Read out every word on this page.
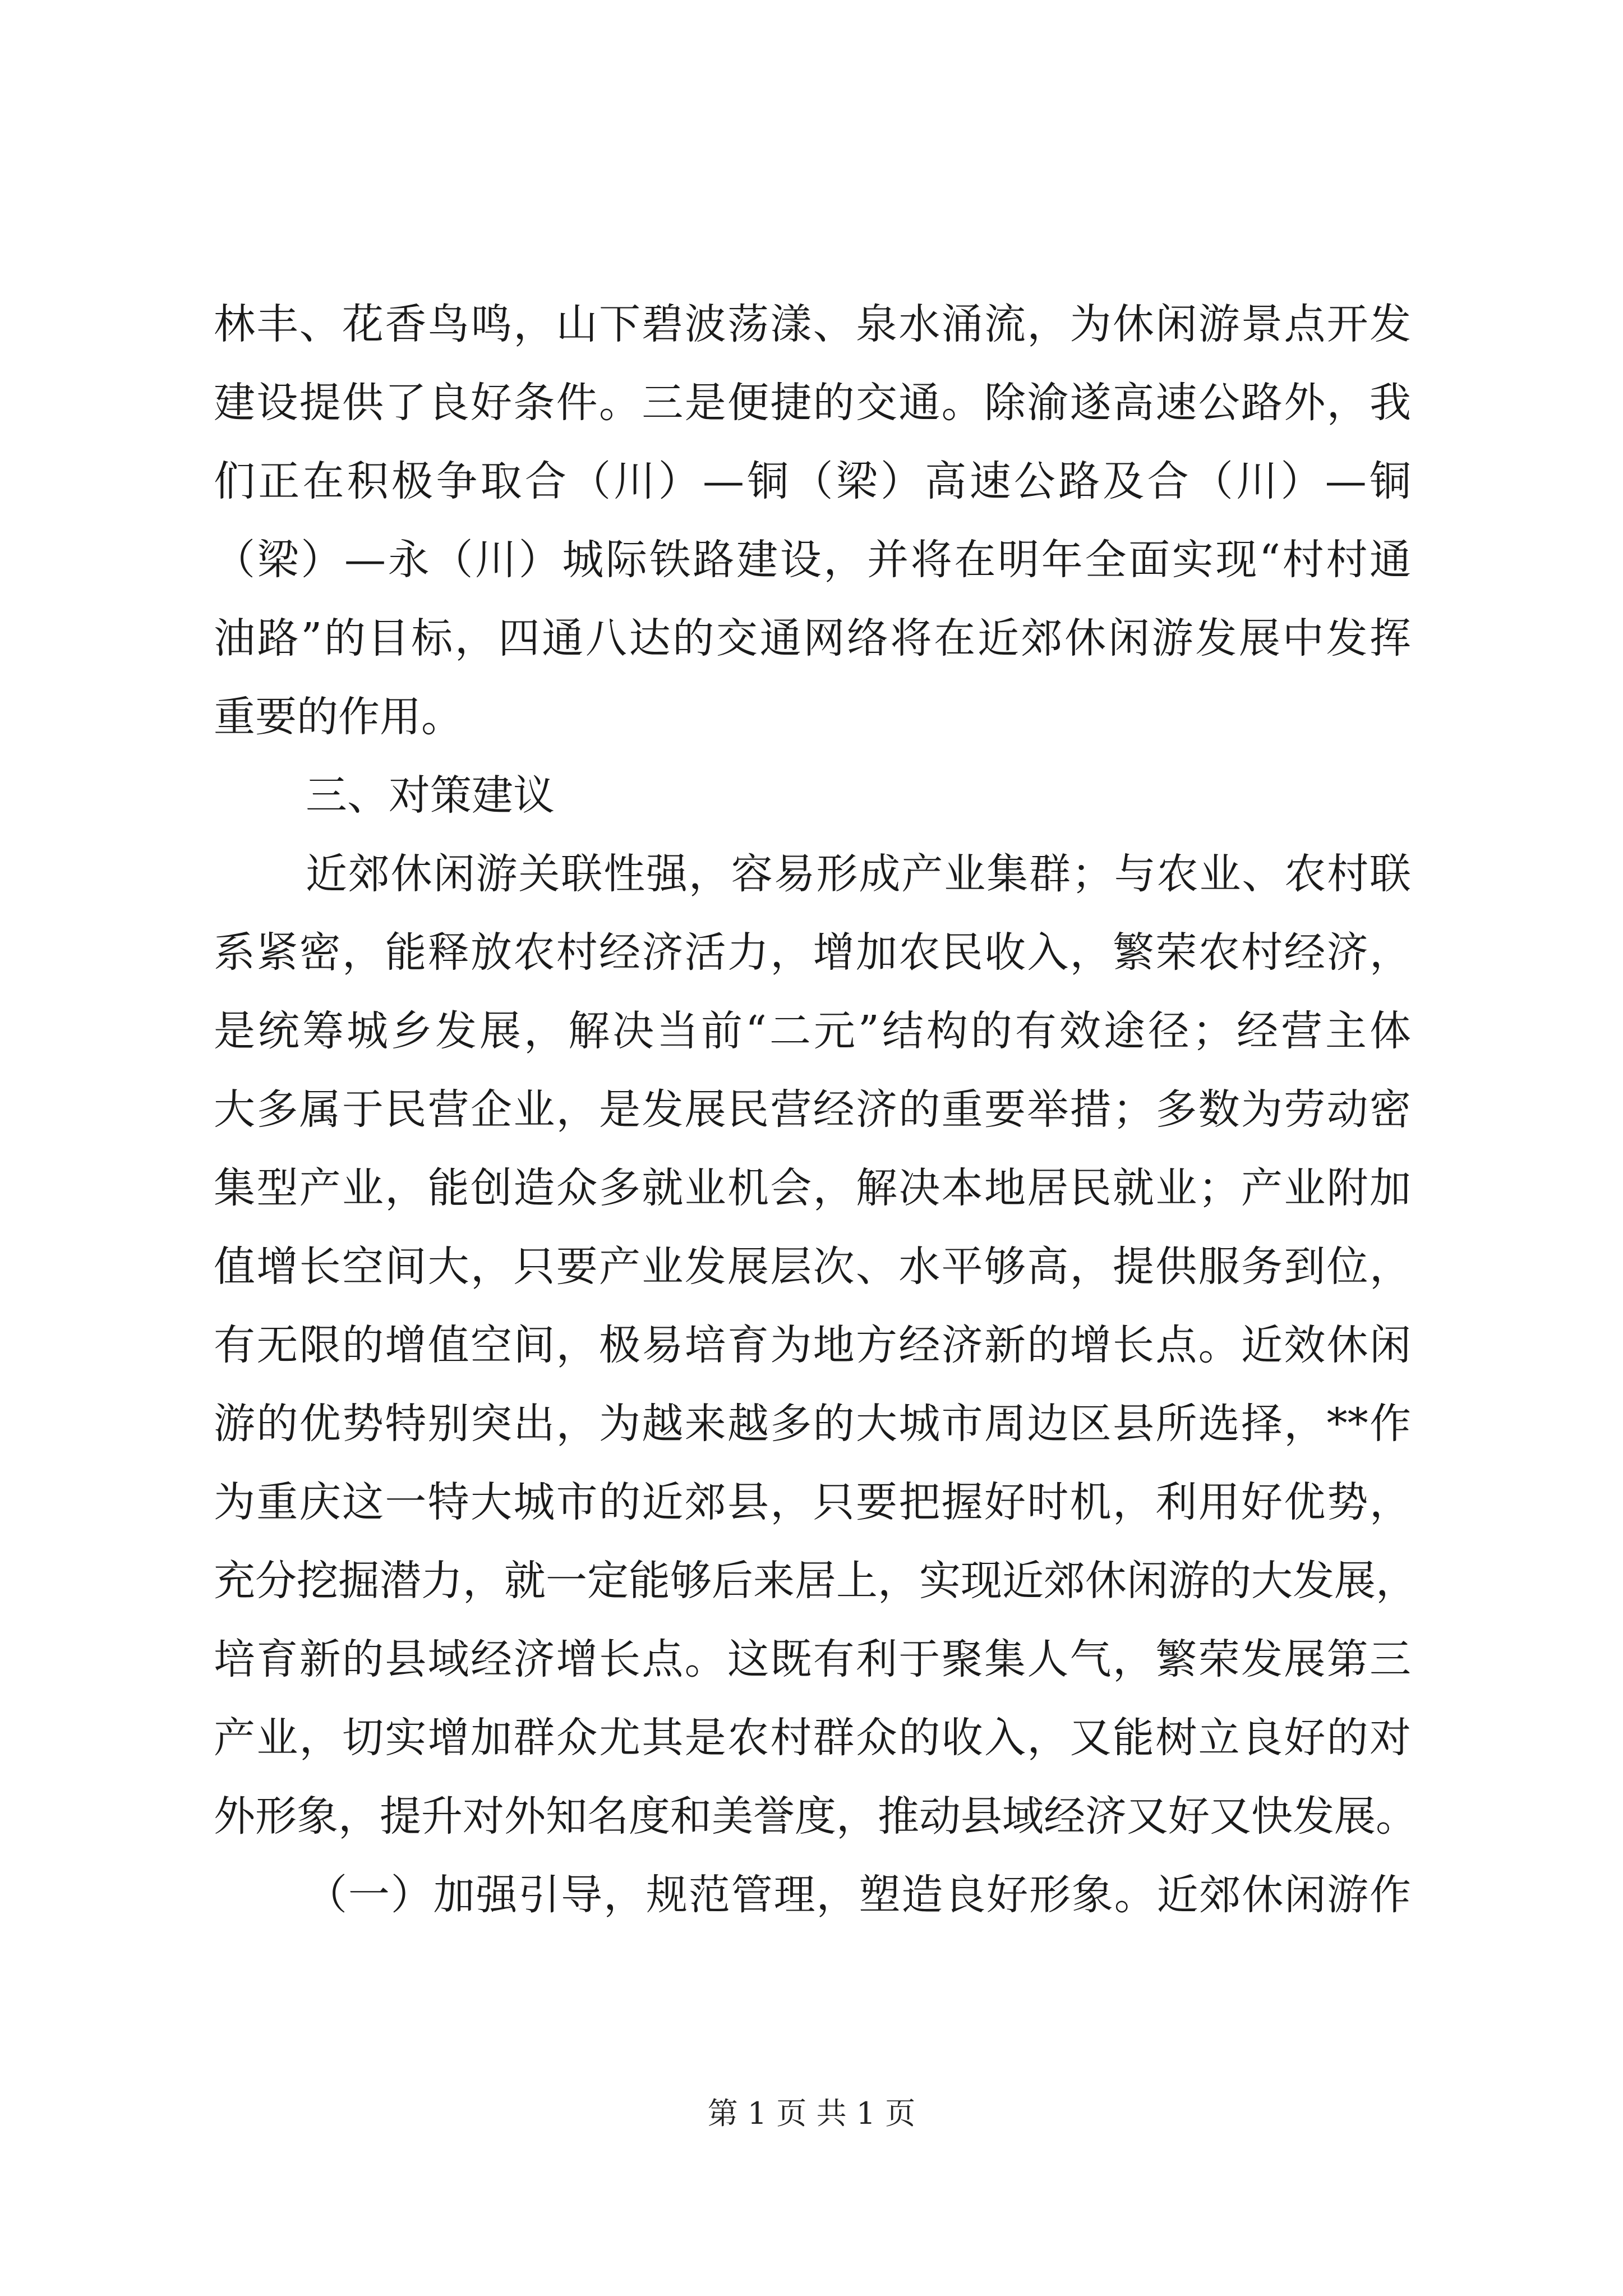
林丰、花香鸟鸣，山下碧波荡漾、泉水涌流，为休闲游景点开发
建设提供了良好条件。三是便捷的交通。除渝遂高速公路外，我
们正在积极争取合（川）—铜（梁）高速公路及合（川）—铜
（梁）—永（川）城际铁路建设，并将在明年全面实现“村村通
油路”的目标，四通八达的交通网络将在近郊休闲游发展中发挥
重要的作用。
三、对策建议
近郊休闲游关联性强，容易形成产业集群；与农业、农村联
系紧密，能释放农村经济活力，增加农民收入，繁荣农村经济，
是统筹城乡发展，解决当前“二元”结构的有效途径；经营主体
大多属于民营企业，是发展民营经济的重要举措；多数为劳动密
集型产业，能创造众多就业机会，解决本地居民就业；产业附加
值增长空间大，只要产业发展层次、水平够高，提供服务到位，
有无限的增值空间，极易培育为地方经济新的增长点。近效休闲
游的优势特别突出，为越来越多的大城市周边区县所选择，**作
为重庆这一特大城市的近郊县，只要把握好时机，利用好优势，
充分挖掘潜力，就一定能够后来居上，实现近郊休闲游的大发展，
培育新的县域经济增长点。这既有利于聚集人气，繁荣发展第三
产业，切实增加群众尤其是农村群众的收入，又能树立良好的对
外形象，提升对外知名度和美誉度，推动县域经济又好又快发展。
（一）加强引导，规范管理，塑造良好形象。近郊休闲游作
第 1 页 共 1 页
